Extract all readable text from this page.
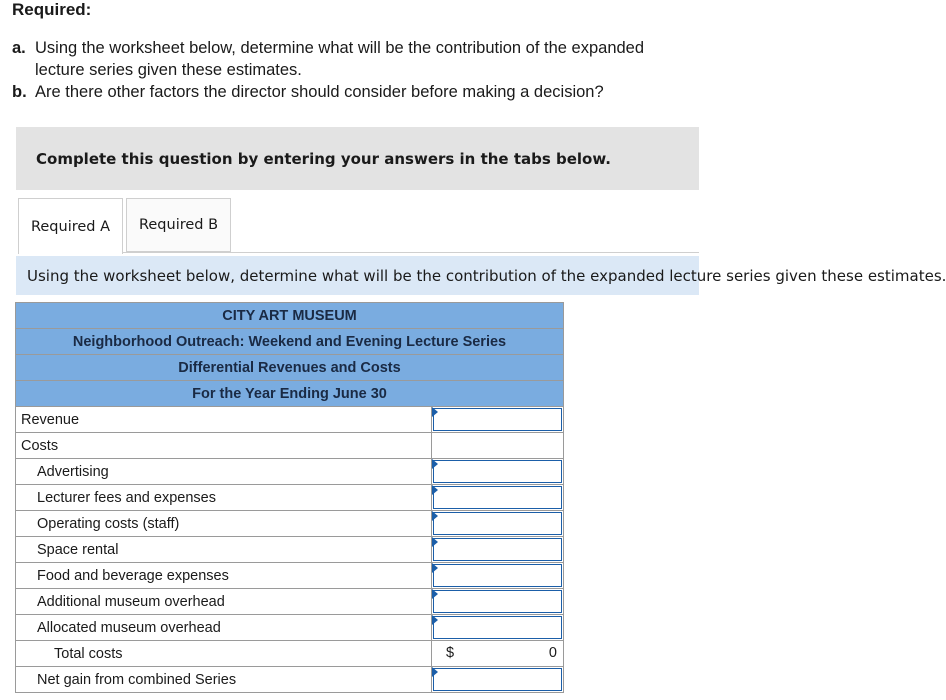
Required:
a. Using the worksheet below, determine what will be the contribution of the expanded lecture series given these estimates.
b. Are there other factors the director should consider before making a decision?
Complete this question by entering your answers in the tabs below.
Required A	Required B
Using the worksheet below, determine what will be the contribution of the expanded lecture series given these estimates.
CITY ART MUSEUM	
Neighborhood Outreach: Weekend and Evening Lecture Series	
Differential Revenues and Costs	
For the Year Ending June 30	
Revenue	

Costs	
Advertising	

Lecturer fees and expenses	

Operating costs (staff)	

Space rental	

Food and beverage expenses	

Additional museum overhead	

Allocated museum overhead	

Total costs	$ 0

Net gain from combined Series	
